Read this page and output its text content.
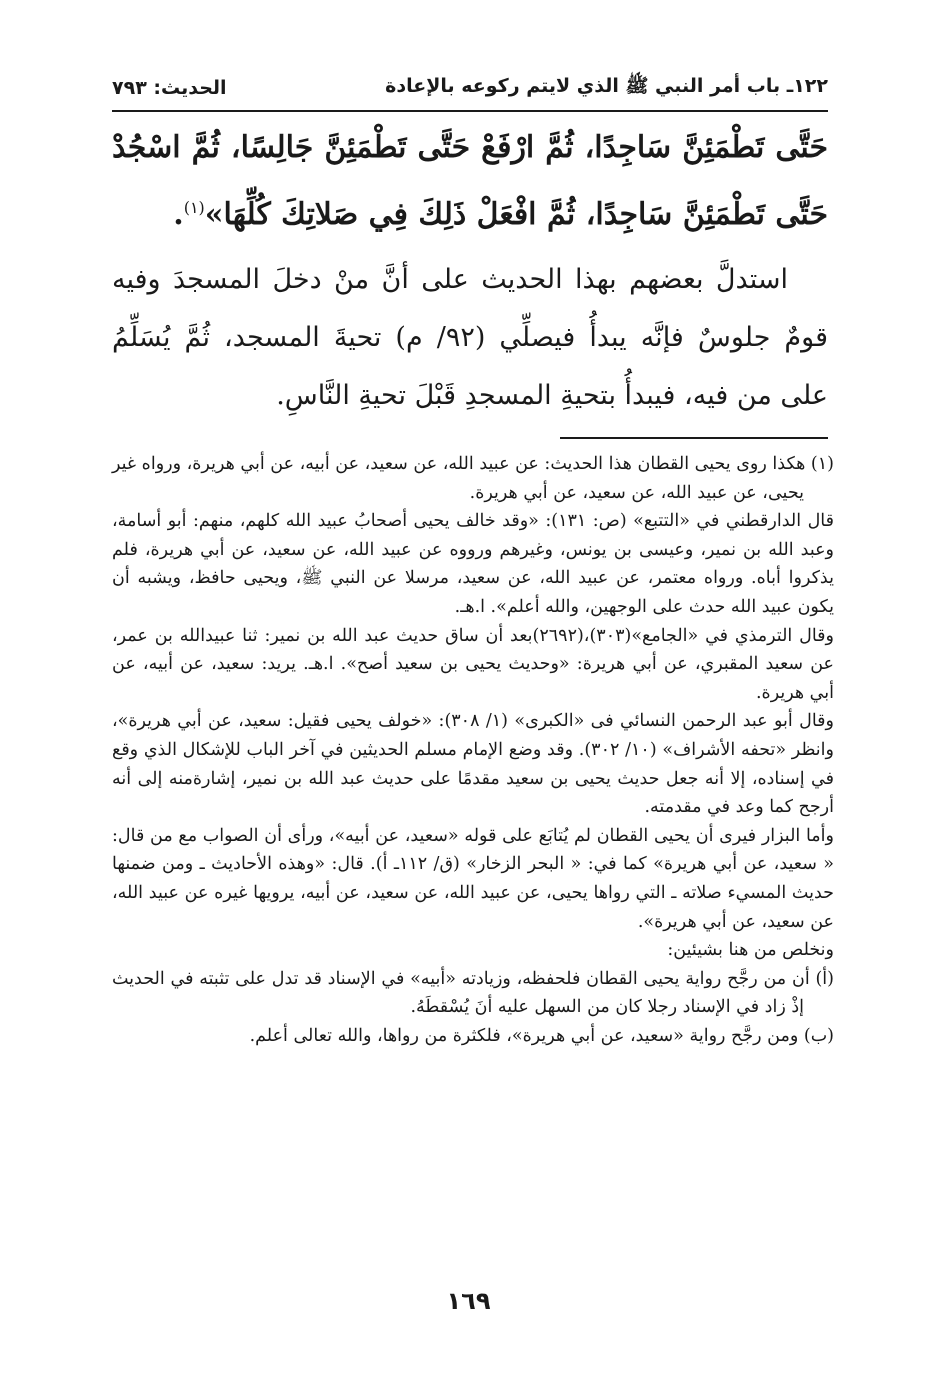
١٢٢ـ باب أمر النبي ﷺ الذي لايتم ركوعه بالإعادة
الحديث: ٧٩٣

حَتَّى تَطْمَئِنَّ سَاجِدًا، ثُمَّ ارْفَعْ حَتَّى تَطْمَئِنَّ جَالِسًا، ثُمَّ اسْجُدْ حَتَّى تَطْمَئِنَّ سَاجِدًا، ثُمَّ افْعَلْ ذَلِكَ فِي صَلاتِكَ كُلِّهَا»$^{(١)}$.

استدلَّ بعضهم بهذا الحديث على أنَّ منْ دخلَ المسجدَ وفيه قومٌ جلوسٌ فإنَّه يبدأُ فيصلِّي (٩٢/ م) تحيةَ المسجد، ثُمَّ يُسَلِّمُ على من فيه، فيبدأُ بتحيةِ المسجدِ قَبْلَ تحيةِ النَّاسِ.

(١) هكذا روى يحيى القطان هذا الحديث: عن عبيد الله، عن سعيد، عن أبيه، عن أبي هريرة، ورواه غير يحيى، عن عبيد الله، عن سعيد، عن أبي هريرة.

قال الدارقطني في «التتبع» (ص: ١٣١): «وقد خالف يحيى أصحابُ عبيد الله كلهم، منهم: أبو أسامة، وعبد الله بن نمير، وعيسى بن يونس، وغيرهم ورووه عن عبيد الله، عن سعيد، عن أبي هريرة، فلم يذكروا أباه. ورواه معتمر، عن عبيد الله، عن سعيد، مرسلا عن النبي ﷺ، ويحيى حافظ، ويشبه أن يكون عبيد الله حدث على الوجهين، والله أعلم». ا.هـ.

وقال الترمذي في «الجامع»(٣٠٣)،(٢٦٩٢)بعد أن ساق حديث عبد الله بن نمير: ثنا عبيدالله بن عمر، عن سعيد المقبري، عن أبي هريرة: «وحديث يحيى بن سعيد أصح». ا.هـ. يريد: سعيد، عن أبيه، عن أبي هريرة.

وقال أبو عبد الرحمن النسائي فى «الكبرى» (١/ ٣٠٨): «خولف يحيى فقيل: سعيد، عن أبي هريرة»، وانظر «تحفه الأشراف» (١٠/ ٣٠٢). وقد وضع الإمام مسلم الحديثين في آخر الباب للإشكال الذي وقع في إسناده، إلا أنه جعل حديث يحيى بن سعيد مقدمًا على حديث عبد الله بن نمير، إشارةمنه إلى أنه أرجح كما وعد في مقدمته.

وأما البزار فيرى أن يحيى القطان لم يُتابَع على قوله «سعيد، عن أبيه»، ورأى أن الصواب مع من قال: « سعيد، عن أبي هريرة» كما في: « البحر الزخار» (ق/ ١١٢ـ أ). قال: «وهذه الأحاديث ـ ومن ضمنها حديث المسيء صلاته ـ التي رواها يحيى، عن عبيد الله، عن سعيد، عن أبيه، يرويها غيره عن عبيد الله، عن سعيد، عن أبي هريرة».

ونخلص من هنا بشيئين:

(أ) أن من رجَّح رواية يحيى القطان فلحفظه، وزيادته «أبيه» في الإسناد قد تدل على تثبته في الحديث إذْ زاد في الإسناد رجلا كان من السهل عليه أنَ يُسْقطَهُ.

(ب) ومن رجَّح رواية «سعيد، عن أبي هريرة»، فلكثرة من رواها، والله تعالى أعلم.

١٦٩
